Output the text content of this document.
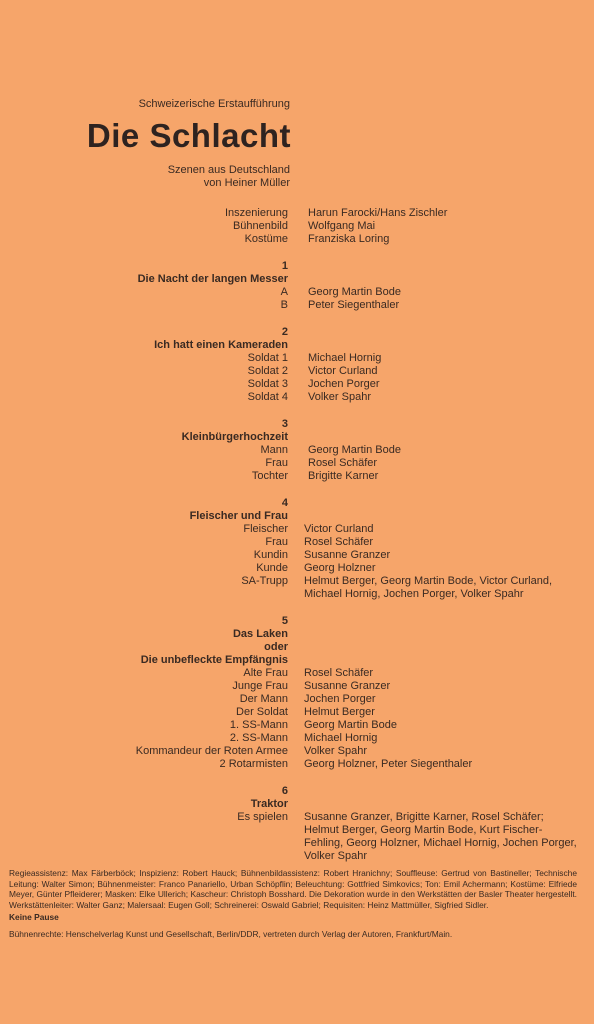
Schweizerische Erstaufführung
Die Schlacht
Szenen aus Deutschland
von Heiner Müller
Inszenierung Harun Farocki/Hans Zischler
Bühnenbild Wolfgang Mai
Kostüme Franziska Loring
1
Die Nacht der langen Messer
A Georg Martin Bode
B Peter Siegenthaler
2
Ich hatt einen Kameraden
Soldat 1 Michael Hornig
Soldat 2 Victor Curland
Soldat 3 Jochen Porger
Soldat 4 Volker Spahr
3
Kleinbürgerhochzeit
Mann Georg Martin Bode
Frau Rosel Schäfer
Tochter Brigitte Karner
4
Fleischer und Frau
Fleischer Victor Curland
Frau Rosel Schäfer
Kundin Susanne Granzer
Kunde Georg Holzner
SA-Trupp Helmut Berger, Georg Martin Bode, Victor Curland, Michael Hornig, Jochen Porger, Volker Spahr
5
Das Laken
oder
Die unbefleckte Empfängnis
Alte Frau Rosel Schäfer
Junge Frau Susanne Granzer
Der Mann Jochen Porger
Der Soldat Helmut Berger
1. SS-Mann Georg Martin Bode
2. SS-Mann Michael Hornig
Kommandeur der Roten Armee Volker Spahr
2 Rotarmisten Georg Holzner, Peter Siegenthaler
6
Traktor
Es spielen Susanne Granzer, Brigitte Karner, Rosel Schäfer; Helmut Berger, Georg Martin Bode, Kurt Fischer-Fehling, Georg Holzner, Michael Hornig, Jochen Porger, Volker Spahr
Regieassistenz: Max Färberböck; Inspizienz: Robert Hauck; Bühnenbildassistenz: Robert Hranichny; Souffleuse: Gertrud von Bastineller; Technische Leitung: Walter Simon; Bühnenmeister: Franco Panariello, Urban Schöpflin; Beleuchtung: Gottfried Simkovics; Ton: Emil Achermann; Kostüme: Elfriede Meyer, Günter Pfleiderer; Masken: Elke Ullerich; Kascheur: Christoph Bosshard. Die Dekoration wurde in den Werkstätten der Basler Theater hergestellt. Werkstättenleiter: Walter Ganz; Malersaal: Eugen Goll; Schreinerei: Oswald Gabriel; Requisiten: Heinz Mattmüller, Sigfried Sidler.
Keine Pause
Bühnenrechte: Henschelverlag Kunst und Gesellschaft, Berlin/DDR, vertreten durch Verlag der Autoren, Frankfurt/Main.
